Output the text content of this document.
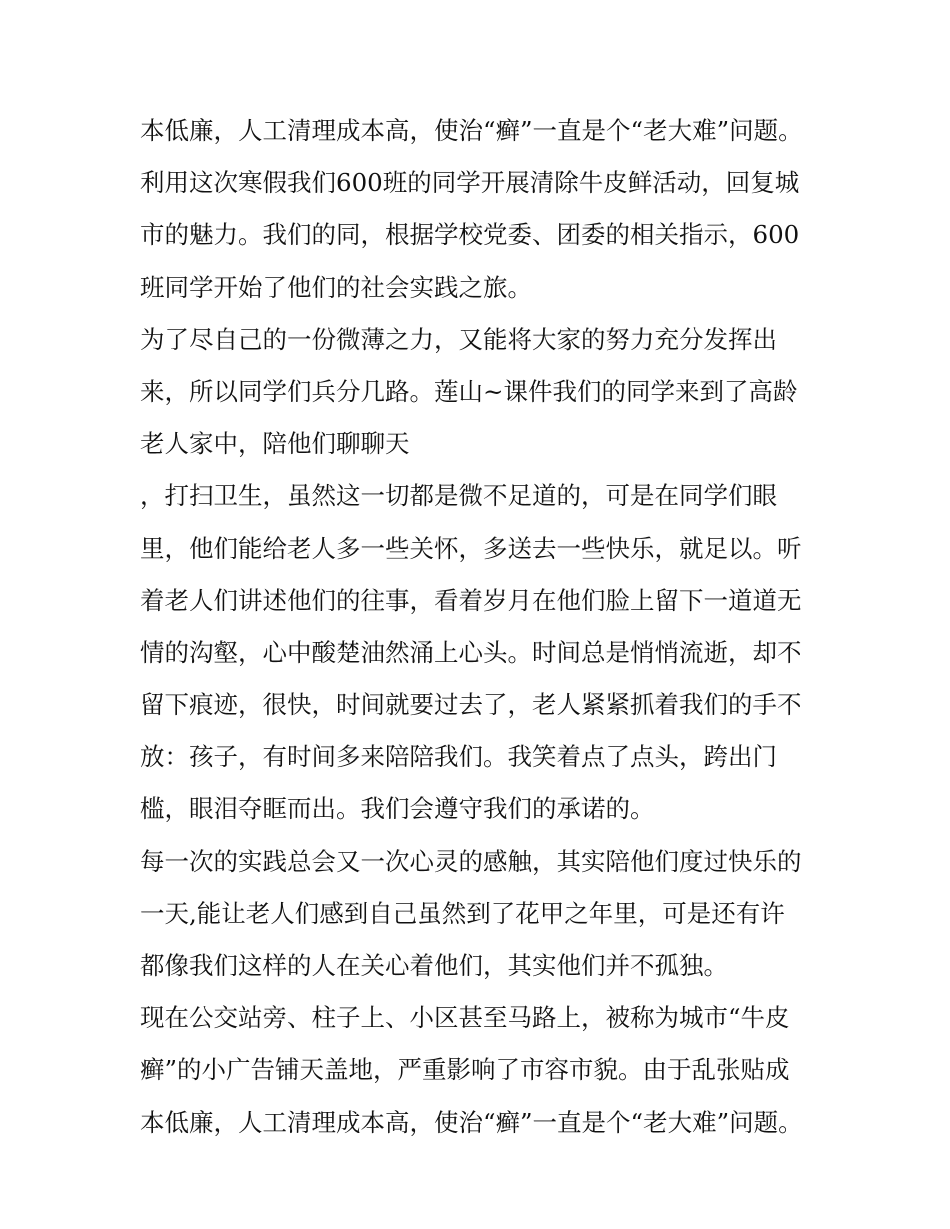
本低廉，人工清理成本高，使治“癣”一直是个“老大难”问题。
利用这次寒假我们600班的同学开展清除牛皮鲜活动，回复城
市的魅力。我们的同，根据学校党委、团委的相关指示，600
班同学开始了他们的社会实践之旅。
为了尽自己的一份微薄之力，又能将大家的努力充分发挥出
来，所以同学们兵分几路。莲山~课件我们的同学来到了高龄
老人家中，陪他们聊聊天
，打扫卫生，虽然这一切都是微不足道的，可是在同学们眼
里，他们能给老人多一些关怀，多送去一些快乐，就足以。听
着老人们讲述他们的往事，看着岁月在他们脸上留下一道道无
情的沟壑，心中酸楚油然涌上心头。时间总是悄悄流逝，却不
留下痕迹，很快，时间就要过去了，老人紧紧抓着我们的手不
放：孩子，有时间多来陪陪我们。我笑着点了点头，跨出门
槛，眼泪夺眶而出。我们会遵守我们的承诺的。
每一次的实践总会又一次心灵的感触，其实陪他们度过快乐的
一天,能让老人们感到自己虽然到了花甲之年里，可是还有许
都像我们这样的人在关心着他们，其实他们并不孤独。
现在公交站旁、柱子上、小区甚至马路上，被称为城市“牛皮
癣”的小广告铺天盖地，严重影响了市容市貌。由于乱张贴成
本低廉，人工清理成本高，使治“癣”一直是个“老大难”问题。
